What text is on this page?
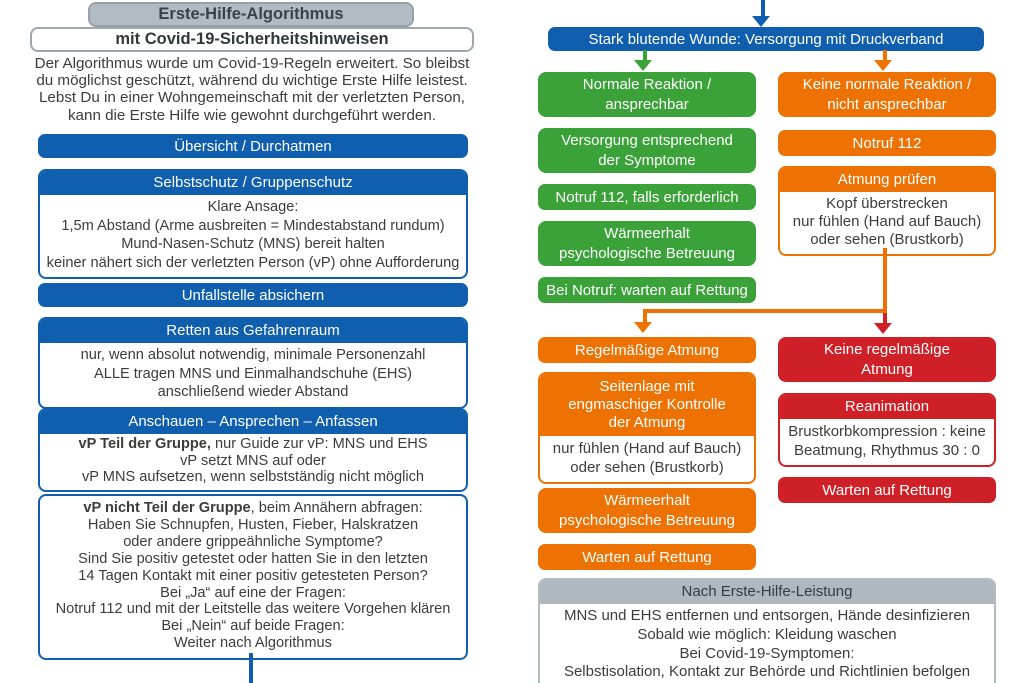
Erste-Hilfe-Algorithmus
mit Covid-19-Sicherheitshinweisen
Der Algorithmus wurde um Covid-19-Regeln erweitert. So bleibst
du möglichst geschützt, während du wichtige Erste Hilfe leistest.
Lebst Du in einer Wohngemeinschaft mit der verletzten Person,
kann die Erste Hilfe wie gewohnt durchgeführt werden.
Übersicht / Durchatmen
Selbstschutz / Gruppenschutz
Klare Ansage:
1,5m Abstand (Arme ausbreiten = Mindestabstand rundum)
Mund-Nasen-Schutz (MNS) bereit halten
keiner nähert sich der verletzten Person (vP) ohne Aufforderung
Unfallstelle absichern
Retten aus Gefahrenraum
nur, wenn absolut notwendig, minimale Personenzahl
ALLE tragen MNS und Einmalhandschuhe (EHS)
anschließend wieder Abstand
Anschauen – Ansprechen – Anfassen
vP Teil der Gruppe, nur Guide zur vP: MNS und EHS
vP setzt MNS auf oder
vP MNS aufsetzen, wenn selbstständig nicht möglich
vP nicht Teil der Gruppe, beim Annähern abfragen:
Haben Sie Schnupfen, Husten, Fieber, Halskratzen
oder andere grippeähnliche Symptome?
Sind Sie positiv getestet oder hatten Sie in den letzten
14 Tagen Kontakt mit einer positiv getesteten Person?
Bei „Ja“ auf eine der Fragen:
Notruf 112 und mit der Leitstelle das weitere Vorgehen klären
Bei „Nein“ auf beide Fragen:
Weiter nach Algorithmus
Stark blutende Wunde: Versorgung mit Druckverband
Normale Reaktion /
ansprechbar
Versorgung entsprechend
der Symptome
Notruf 112, falls erforderlich
Wärmeerhalt
psychologische Betreuung
Bei Notruf: warten auf Rettung
Keine normale Reaktion /
nicht ansprechbar
Notruf 112
Atmung prüfen
Kopf überstrecken
nur fühlen (Hand auf Bauch)
oder sehen (Brustkorb)
Regelmäßige Atmung
Seitenlage mit
engmaschiger Kontrolle
der Atmung
nur fühlen (Hand auf Bauch)
oder sehen (Brustkorb)
Wärmeerhalt
psychologische Betreuung
Warten auf Rettung
Keine regelmäßige
Atmung
Reanimation
Brustkorbkompression : keine
Beatmung, Rhythmus 30 : 0
Warten auf Rettung
Nach Erste-Hilfe-Leistung
MNS und EHS entfernen und entsorgen, Hände desinfizieren
Sobald wie möglich: Kleidung waschen
Bei Covid-19-Symptomen:
Selbstisolation, Kontakt zur Behörde und Richtlinien befolgen
